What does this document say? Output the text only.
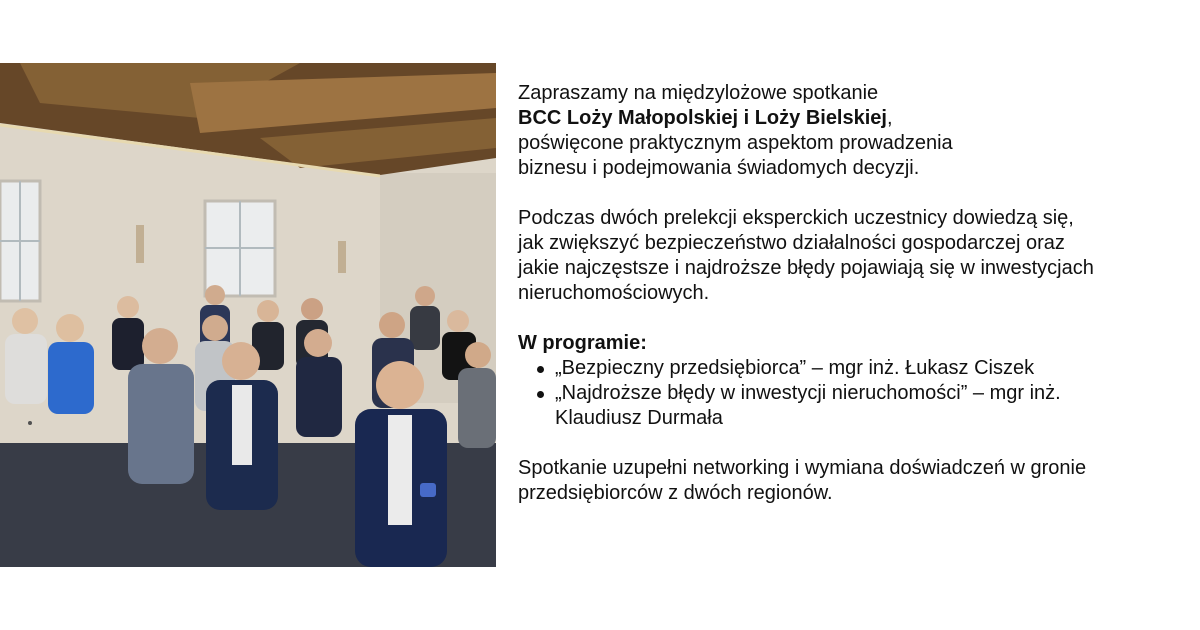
Zapraszamy na międzylożowe spotkanie

BCC Loży Małopolskiej i Loży Bielskiej,

poświęcone praktycznym aspektom prowadzenia

biznesu i podejmowania świadomych decyzji.

Podczas dwóch prelekcji eksperckich uczestnicy dowiedzą się,

jak zwiększyć bezpieczeństwo działalności gospodarczej oraz

jakie najczęstsze i najdroższe błędy pojawiają się w inwestycjach

nieruchomościowych.

W programie:

„Bezpieczny przedsiębiorca” – mgr inż. Łukasz Ciszek
„Najdroższe błędy w inwestycji nieruchomości” – mgr inż. Klaudiusz Durmała

Spotkanie uzupełni networking i wymiana doświadczeń w gronie

przedsiębiorców z dwóch regionów.
